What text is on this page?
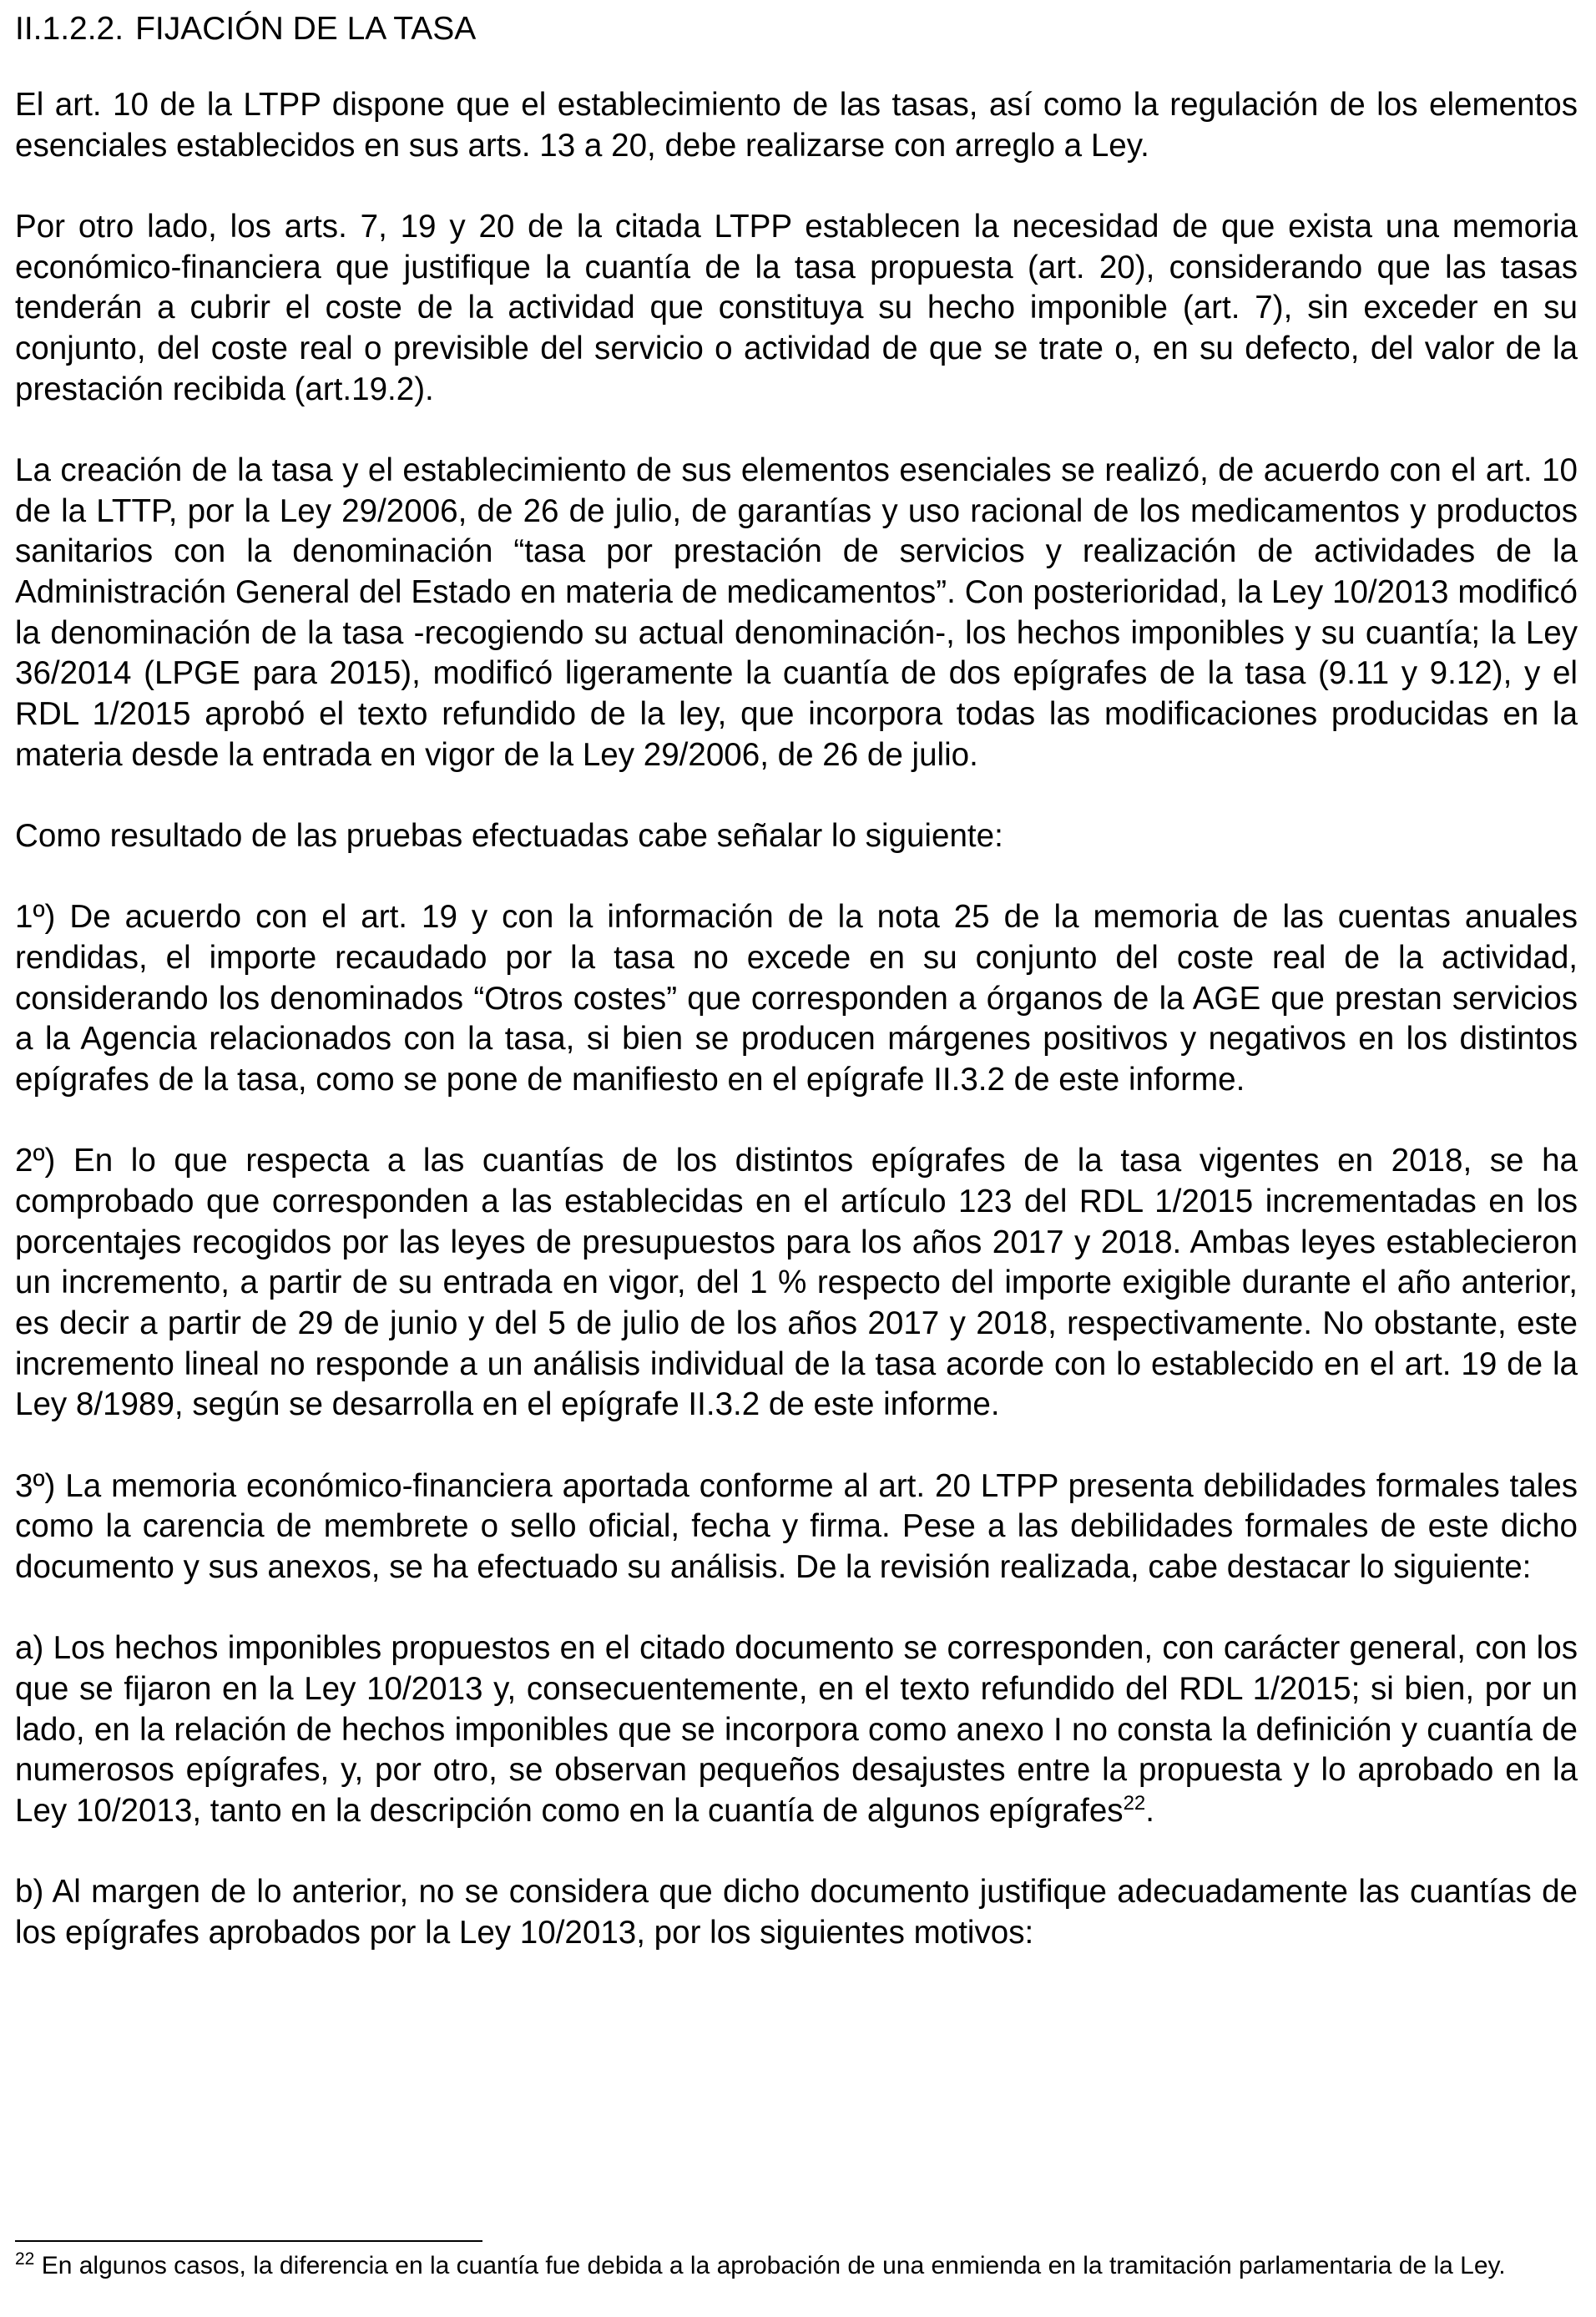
II.1.2.2. FIJACIÓN DE LA TASA

El art. 10 de la LTPP dispone que el establecimiento de las tasas, así como la regulación de los elementos esenciales establecidos en sus arts. 13 a 20, debe realizarse con arreglo a Ley.

Por otro lado, los arts. 7, 19 y 20 de la citada LTPP establecen la necesidad de que exista una memoria económico-financiera que justifique la cuantía de la tasa propuesta (art. 20), considerando que las tasas tenderán a cubrir el coste de la actividad que constituya su hecho imponible (art. 7), sin exceder en su conjunto, del coste real o previsible del servicio o actividad de que se trate o, en su defecto, del valor de la prestación recibida (art.19.2).

La creación de la tasa y el establecimiento de sus elementos esenciales se realizó, de acuerdo con el art. 10 de la LTTP, por la Ley 29/2006, de 26 de julio, de garantías y uso racional de los medicamentos y productos sanitarios con la denominación “tasa por prestación de servicios y realización de actividades de la Administración General del Estado en materia de medicamentos”. Con posterioridad, la Ley 10/2013 modificó la denominación de la tasa -recogiendo su actual denominación-, los hechos imponibles y su cuantía; la Ley 36/2014 (LPGE para 2015), modificó ligeramente la cuantía de dos epígrafes de la tasa (9.11 y 9.12), y el RDL 1/2015 aprobó el texto refundido de la ley, que incorpora todas las modificaciones producidas en la materia desde la entrada en vigor de la Ley 29/2006, de 26 de julio.

Como resultado de las pruebas efectuadas cabe señalar lo siguiente:

1º) De acuerdo con el art. 19 y con la información de la nota 25 de la memoria de las cuentas anuales rendidas, el importe recaudado por la tasa no excede en su conjunto del coste real de la actividad, considerando los denominados “Otros costes” que corresponden a órganos de la AGE que prestan servicios a la Agencia relacionados con la tasa, si bien se producen márgenes positivos y negativos en los distintos epígrafes de la tasa, como se pone de manifiesto en el epígrafe II.3.2 de este informe.

2º) En lo que respecta a las cuantías de los distintos epígrafes de la tasa vigentes en 2018, se ha comprobado que corresponden a las establecidas en el artículo 123 del RDL 1/2015 incrementadas en los porcentajes recogidos por las leyes de presupuestos para los años 2017 y 2018. Ambas leyes establecieron un incremento, a partir de su entrada en vigor, del 1 % respecto del importe exigible durante el año anterior, es decir a partir de 29 de junio y del 5 de julio de los años 2017 y 2018, respectivamente. No obstante, este incremento lineal no responde a un análisis individual de la tasa acorde con lo establecido en el art. 19 de la Ley 8/1989, según se desarrolla en el epígrafe II.3.2 de este informe.

3º) La memoria económico-financiera aportada conforme al art. 20 LTPP presenta debilidades formales tales como la carencia de membrete o sello oficial, fecha y firma. Pese a las debilidades formales de este dicho documento y sus anexos, se ha efectuado su análisis. De la revisión realizada, cabe destacar lo siguiente:

a) Los hechos imponibles propuestos en el citado documento se corresponden, con carácter general, con los que se fijaron en la Ley 10/2013 y, consecuentemente, en el texto refundido del RDL 1/2015; si bien, por un lado, en la relación de hechos imponibles que se incorpora como anexo I no consta la definición y cuantía de numerosos epígrafes, y, por otro, se observan pequeños desajustes entre la propuesta y lo aprobado en la Ley 10/2013, tanto en la descripción como en la cuantía de algunos epígrafes$^{22}$.

b) Al margen de lo anterior, no se considera que dicho documento justifique adecuadamente las cuantías de los epígrafes aprobados por la Ley 10/2013, por los siguientes motivos:

$^{22}$ En algunos casos, la diferencia en la cuantía fue debida a la aprobación de una enmienda en la tramitación parlamentaria de la Ley.
